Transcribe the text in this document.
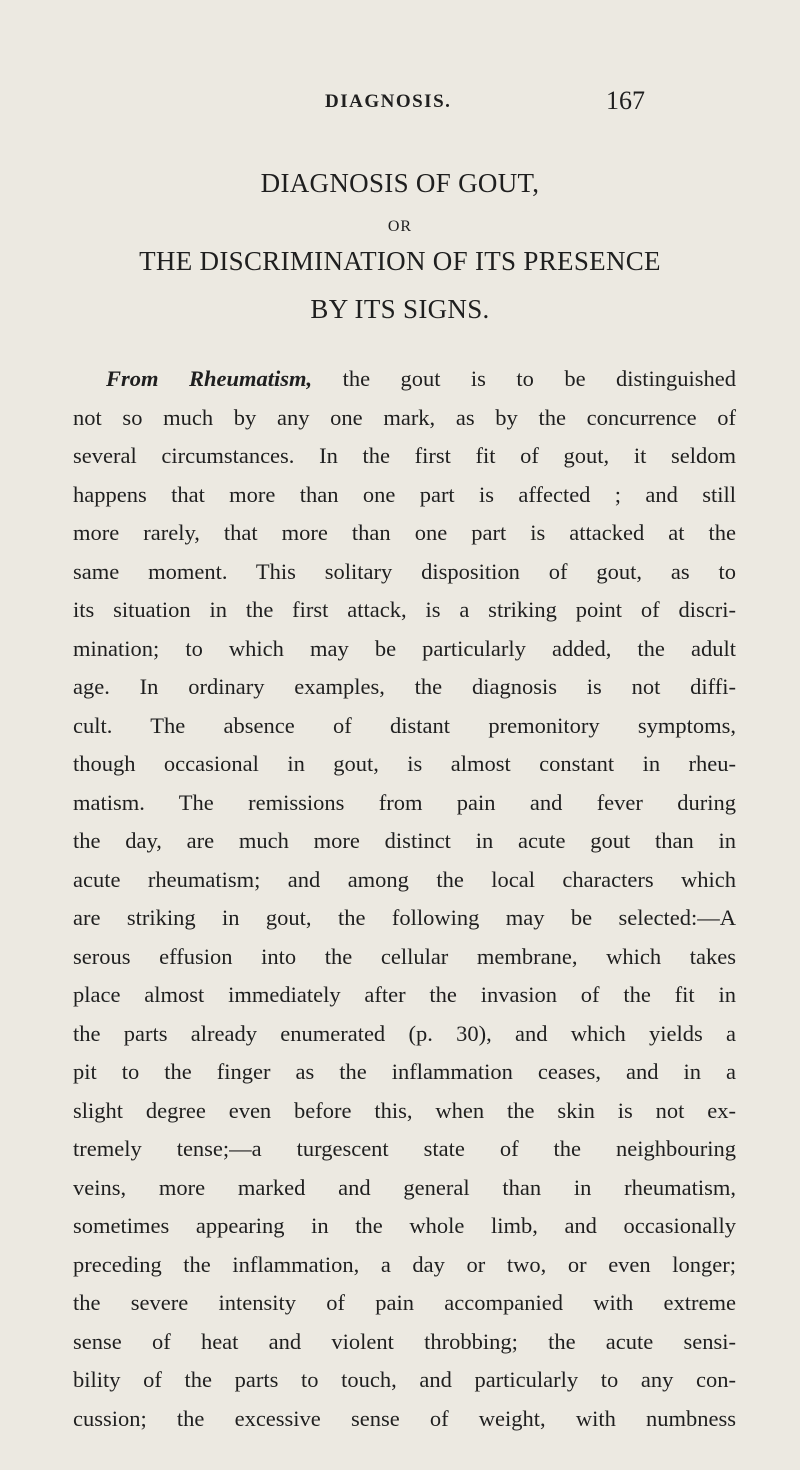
DIAGNOSIS.	167
DIAGNOSIS OF GOUT,
OR
THE DISCRIMINATION OF ITS PRESENCE
BY ITS SIGNS.
From Rheumatism, the gout is to be distinguished
not so much by any one mark, as by the concurrence of
several circumstances. In the first fit of gout, it seldom
happens that more than one part is affected ; and still
more rarely, that more than one part is attacked at the
same moment. This solitary disposition of gout, as to
its situation in the first attack, is a striking point of discri-
mination; to which may be particularly added, the adult
age. In ordinary examples, the diagnosis is not diffi-
cult. The absence of distant premonitory symptoms,
though occasional in gout, is almost constant in rheu-
matism. The remissions from pain and fever during
the day, are much more distinct in acute gout than in
acute rheumatism; and among the local characters which
are striking in gout, the following may be selected:—A
serous effusion into the cellular membrane, which takes
place almost immediately after the invasion of the fit in
the parts already enumerated (p. 30), and which yields a
pit to the finger as the inflammation ceases, and in a
slight degree even before this, when the skin is not ex-
tremely tense;—a turgescent state of the neighbouring
veins, more marked and general than in rheumatism,
sometimes appearing in the whole limb, and occasionally
preceding the inflammation, a day or two, or even longer;
the severe intensity of pain accompanied with extreme
sense of heat and violent throbbing; the acute sensi-
bility of the parts to touch, and particularly to any con-
cussion; the excessive sense of weight, with numbness
